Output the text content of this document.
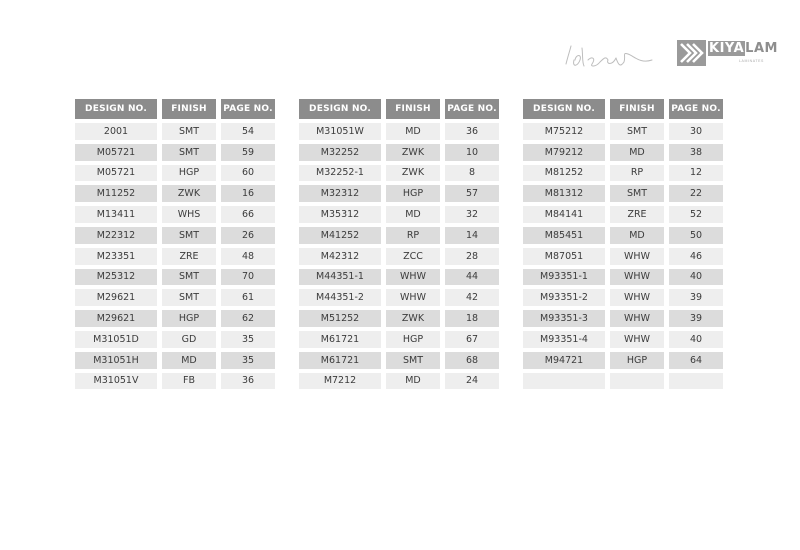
KIYALAM
LAMINATES
DESIGN NO.	FINISH	PAGE NO.
2001	SMT	54
M05721	SMT	59
M05721	HGP	60
M11252	ZWK	16
M13411	WHS	66
M22312	SMT	26
M23351	ZRE	48
M25312	SMT	70
M29621	SMT	61
M29621	HGP	62
M31051D	GD	35
M31051H	MD	35
M31051V	FB	36
DESIGN NO.	FINISH	PAGE NO.
M31051W	MD	36
M32252	ZWK	10
M32252-1	ZWK	8
M32312	HGP	57
M35312	MD	32
M41252	RP	14
M42312	ZCC	28
M44351-1	WHW	44
M44351-2	WHW	42
M51252	ZWK	18
M61721	HGP	67
M61721	SMT	68
M7212	MD	24
DESIGN NO.	FINISH	PAGE NO.
M75212	SMT	30
M79212	MD	38
M81252	RP	12
M81312	SMT	22
M84141	ZRE	52
M85451	MD	50
M87051	WHW	46
M93351-1	WHW	40
M93351-2	WHW	39
M93351-3	WHW	39
M93351-4	WHW	40
M94721	HGP	64
